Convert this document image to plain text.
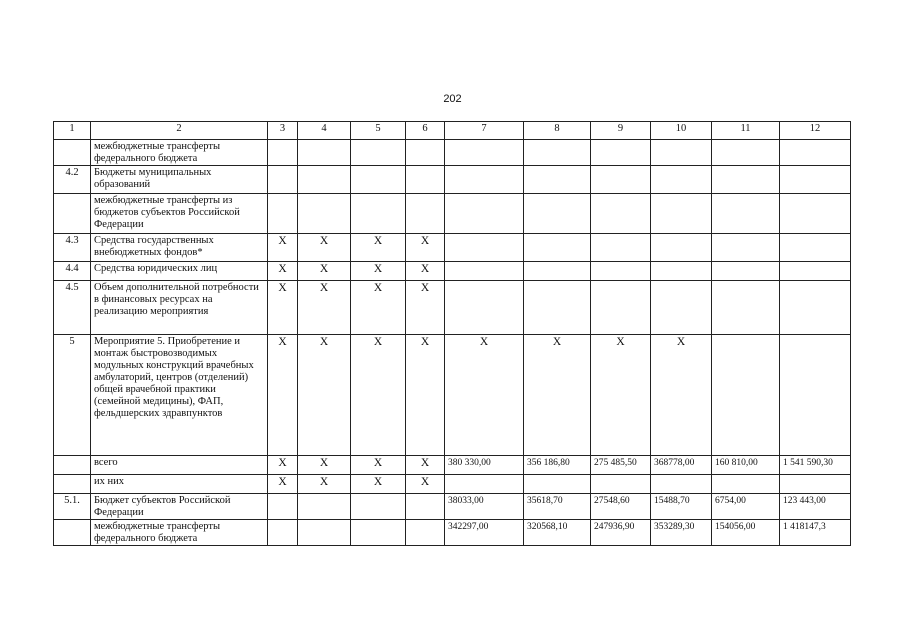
202
1	2	3	4	5	6	7	8	9	10	11	12
	межбюджетные трансферты федерального бюджета										
4.2	Бюджеты муниципальных образований										
	межбюджетные трансферты из бюджетов субъектов Российской Федерации										
4.3	Средства государственных внебюджетных фондов*	X	X	X	X						
4.4	Средства юридических лиц	X	X	X	X						
4.5	Объем дополнительной потребности в финансовых ресурсах на реализацию мероприятия	X	X	X	X						
5	Мероприятие 5. Приобретение и монтаж быстровозводимых модульных конструкций врачебных амбулаторий, центров (отделений) общей врачебной практики (семейной медицины), ФАП, фельдшерских здравпунктов	X	X	X	X	X	X	X	X		
	всего	X	X	X	X	380 330,00	356 186,80	275 485,50	368778,00	160 810,00	1 541 590,30
	их них	X	X	X	X						
5.1.	Бюджет субъектов Российской Федерации					38033,00	35618,70	27548,60	15488,70	6754,00	123 443,00
	межбюджетные трансферты федерального бюджета					342297,00	320568,10	247936,90	353289,30	154056,00	1 418147,3
